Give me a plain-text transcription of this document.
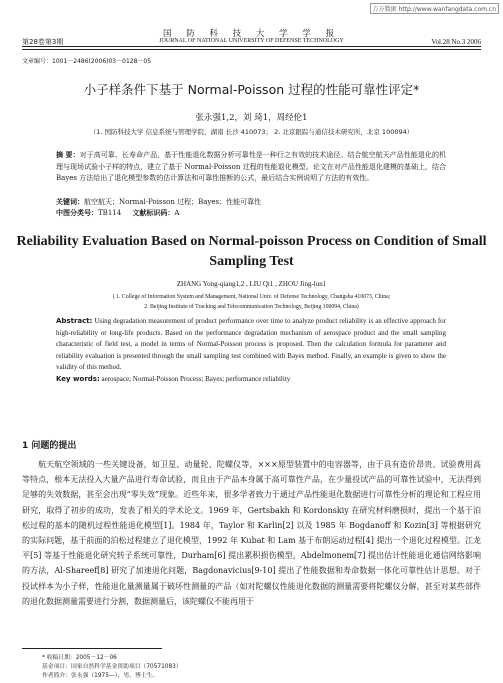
万方数据 http://www.wanfangdata.com.cn
国 防 科 技 大 学 学 报
第28卷第3期	JOURNAL OF NATIONAL UNIVERSITY OF DEFENSE TECHNOLOGY	Vol.28 No.3 2006
文章编号：1001－2486(2006)03－0128－05
小子样条件下基于 Normal-Poisson 过程的性能可靠性评定*
张永强1,2，刘 琦1，周经伦1
（1. 国防科技大学 信息系统与管理学院，湖南 长沙 410073； 2. 北京跟踪与通信技术研究所，北京 100094）
摘 要：对于高可靠、长寿命产品，基于性能退化数据分析可靠性是一种行之有效的技术途径。结合航空航天产品性能退化的机理与现场试验小子样的特点，建立了基于 Normal-Poisson 过程的性能退化模型。论文在对产品性能退化建模的基础上，结合 Bayes 方法给出了退化模型参数的估计算法和可靠性推断的公式，最后结合实例说明了方法的有效性。
关键词：航空航天；Normal-Poisson 过程；Bayes；性能可靠性
中图分类号：TB114 文献标识码：A
Reliability Evaluation Based on Normal-poisson Process on Condition of Small Sampling Test
ZHANG Yong-qiang1,2 , LIU Qi1 , ZHOU Jing-lun1
( 1. College of Information System and Management, National Univ. of Defense Technology, Changsha 410073, China;
2. Beijing Institute of Tracking and Telecommunication Technology, Beijing 100094, China)
Abstract: Using degradation measurement of product performance over time to analyze product reliability is an effective approach for high-reliability or long-life products. Based on the performance degradation mechanism of aerospace product and the small sampling characteristic of field test, a model in terms of Normal-Poisson process is proposed. Then the calculation formula for parameter and reliability evaluation is presented through the small sampling test combined with Bayes method. Finally, an example is given to show the validity of this method.
Key words: aerospace; Normal-Poisson Process; Bayes; performance reliability
1 问题的提出
航天航空领域的一些关键设备，如卫星、动量轮、陀螺仪等，×××原型装置中的电容器等，由于具有造价昂贵、试验费用高等特点，根本无法投入大量产品进行寿命试验，而且由于产品本身属于高可靠性产品，在少量投试产品的可靠性试验中，无法得到足够的失效数据，甚至会出现“零失效”现象。近些年来，很多学者致力于通过产品性能退化数据进行可靠性分析的理论和工程应用研究，取得了初步的成功，发表了相关的学术论文。1969 年，Gertsbakh 和 Kordonskiy 在研究材料磨损时，提出一个基于泊松过程的基本的随机过程性能退化模型[1]。1984 年，Taylor 和 Karlin[2] 以及 1985 年 Bogdanoff 和 Kozin[3] 等根据研究的实际问题，基于前面的泊松过程建立了退化模型，1992 年 Kubat 和 Lam 基于布朗运动过程[4] 提出一个退化过程模型。江龙平[5] 等基于性能退化研究转子系统可靠性，Durham[6] 提出累积损伤模型，Abdelmonem[7] 提出估计性能退化通信网络影响的方法，Al-Shareef[8] 研究了加速退化问题，Bagdonavicius[9-10] 提出了性能数据和寿命数据一体化可靠性估计思想。对于投试样本为小子样，性能退化量测量属于破坏性测量的产品（如对陀螺仪性能退化数据的测量需要将陀螺仪分解，甚至对某些部件的退化数据测量需要进行分割，数据测量后，该陀螺仪不能再用于
* 收稿日期：2005－12－06
基金项目：国家自然科学基金资助项目（70571083）
作者简介：张永强（1975—），男，博士生。
